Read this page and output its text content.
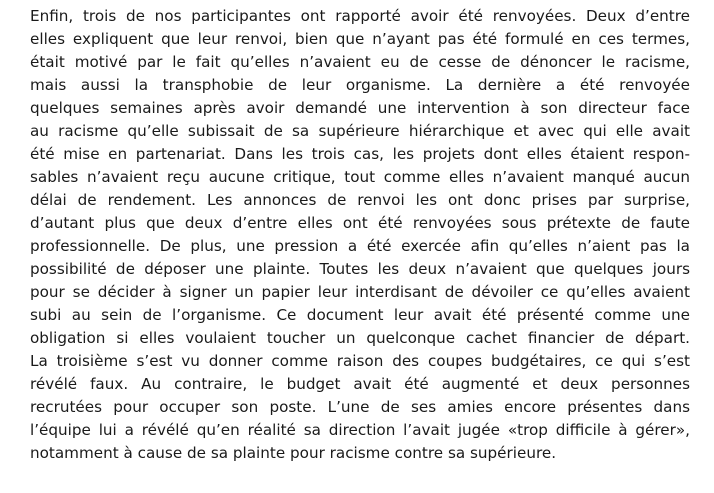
Enfin, trois de nos participantes ont rapporté avoir été renvoyées. Deux d’entre
elles expliquent que leur renvoi, bien que n’ayant pas été formulé en ces termes,
était motivé par le fait qu’elles n’avaient eu de cesse de dénoncer le racisme,
mais aussi la transphobie de leur organisme. La dernière a été renvoyée
quelques semaines après avoir demandé une intervention à son directeur face
au racisme qu’elle subissait de sa supérieure hiérarchique et avec qui elle avait
été mise en partenariat. Dans les trois cas, les projets dont elles étaient respon-
sables n’avaient reçu aucune critique, tout comme elles n’avaient manqué aucun
délai de rendement. Les annonces de renvoi les ont donc prises par surprise,
d’autant plus que deux d’entre elles ont été renvoyées sous prétexte de faute
professionnelle. De plus, une pression a été exercée afin qu’elles n’aient pas la
possibilité de déposer une plainte. Toutes les deux n’avaient que quelques jours
pour se décider à signer un papier leur interdisant de dévoiler ce qu’elles avaient
subi au sein de l’organisme. Ce document leur avait été présenté comme une
obligation si elles voulaient toucher un quelconque cachet financier de départ.
La troisième s’est vu donner comme raison des coupes budgétaires, ce qui s’est
révélé faux. Au contraire, le budget avait été augmenté et deux personnes
recrutées pour occuper son poste. L’une de ses amies encore présentes dans
l’équipe lui a révélé qu’en réalité sa direction l’avait jugée «trop difficile à gérer»,
notamment à cause de sa plainte pour racisme contre sa supérieure.
